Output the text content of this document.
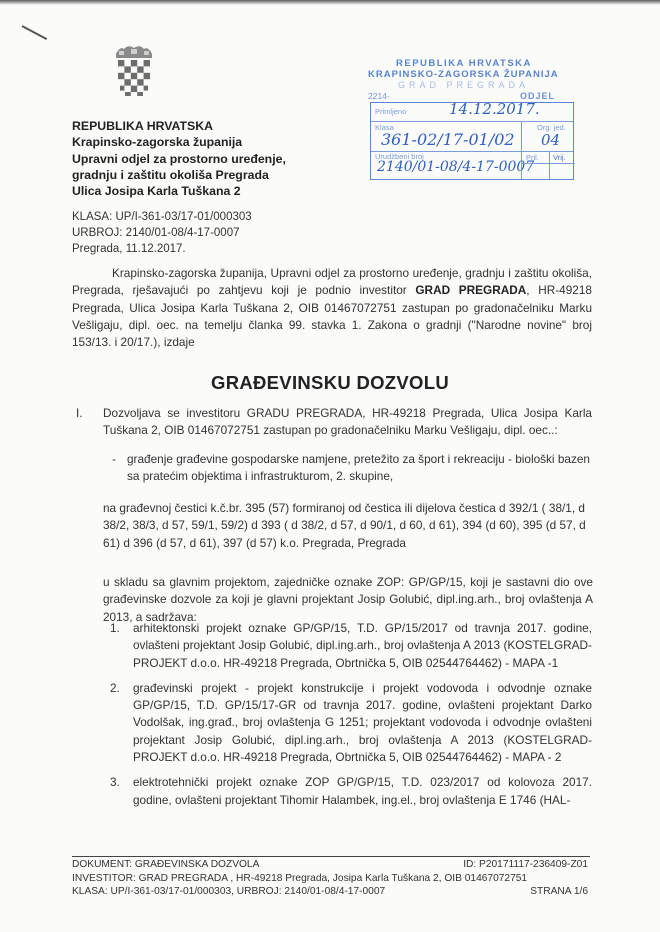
REPUBLIKA HRVATSKA
Krapinsko-zagorska županija
Upravni odjel za prostorno uređenje,
gradnju i zaštitu okoliša Pregrada
Ulica Josipa Karla Tuškana 2
REPUBLIKA HRVATSKA
KRAPINSKO-ZAGORSKA ŽUPANIJA
GRAD PREGRADA
2214-	ODJEL
Primljeno	14.12.2017.
Klasa
361-02/17-01/02
Org. jed.
04
Urudžbeni broj
2140/01-08/4-17-0007
Pril. Vrij.
KLASA: UP/I-361-03/17-01/000303
URBROJ: 2140/01-08/4-17-0007
Pregrada, 11.12.2017.
Krapinsko-zagorska županija, Upravni odjel za prostorno uređenje, gradnju i zaštitu okoliša, Pregrada, rješavajući po zahtjevu koji je podnio investitor GRAD PREGRADA, HR-49218 Pregrada, Ulica Josipa Karla Tuškana 2, OIB 01467072751 zastupan po gradonačelniku Marku Vešligaju, dipl. oec. na temelju članka 99. stavka 1. Zakona o gradnji ("Narodne novine" broj 153/13. i 20/17.), izdaje
GRAĐEVINSKU DOZVOLU
I. Dozvoljava se investitoru GRADU PREGRADA, HR-49218 Pregrada, Ulica Josipa Karla Tuškana 2, OIB 01467072751 zastupan po gradonačelniku Marku Vešligaju, dipl. oec..:
- građenje građevine gospodarske namjene, pretežito za šport i rekreaciju - biološki bazen sa pratećim objektima i infrastrukturom, 2. skupine,
na građevnoj čestici k.č.br. 395 (57) formiranoj od čestica ili dijelova čestica d 392/1 ( 38/1, d 38/2, 38/3, d 57, 59/1, 59/2) d 393 ( d 38/2, d 57, d 90/1, d 60, d 61), 394 (d 60), 395 (d 57, d 61) d 396 (d 57, d 61), 397 (d 57) k.o. Pregrada, Pregrada
u skladu sa glavnim projektom, zajedničke oznake ZOP: GP/GP/15, koji je sastavni dio ove građevinske dozvole za koji je glavni projektant Josip Golubić, dipl.ing.arh., broj ovlaštenja A 2013, a sadržava:
1. arhitektonski projekt oznake GP/GP/15, T.D. GP/15/2017 od travnja 2017. godine, ovlašteni projektant Josip Golubić, dipl.ing.arh., broj ovlaštenja A 2013 (KOSTELGRAD-PROJEKT d.o.o. HR-49218 Pregrada, Obrtnička 5, OIB 02544764462) - MAPA -1
2. građevinski projekt - projekt konstrukcije i projekt vodovoda i odvodnje oznake GP/GP/15, T.D. GP/15/17-GR od travnja 2017. godine, ovlašteni projektant Darko Vodolšak, ing.građ., broj ovlaštenja G 1251; projektant vodovoda i odvodnje ovlašteni projektant Josip Golubić, dipl.ing.arh., broj ovlaštenja A 2013 (KOSTELGRAD-PROJEKT d.o.o. HR-49218 Pregrada, Obrtnička 5, OIB 02544764462) - MAPA - 2
3. elektrotehnički projekt oznake ZOP GP/GP/15, T.D. 023/2017 od kolovoza 2017. godine, ovlašteni projektant Tihomir Halambek, ing.el., broj ovlaštenja E 1746 (HAL-
DOKUMENT: GRAĐEVINSKA DOZVOLA	ID: P20171117-236409-Z01
INVESTITOR: GRAD PREGRADA , HR-49218 Pregrada, Josipa Karla Tuškana 2, OIB 01467072751
KLASA: UP/I-361-03/17-01/000303, URBROJ: 2140/01-08/4-17-0007	STRANA 1/6
